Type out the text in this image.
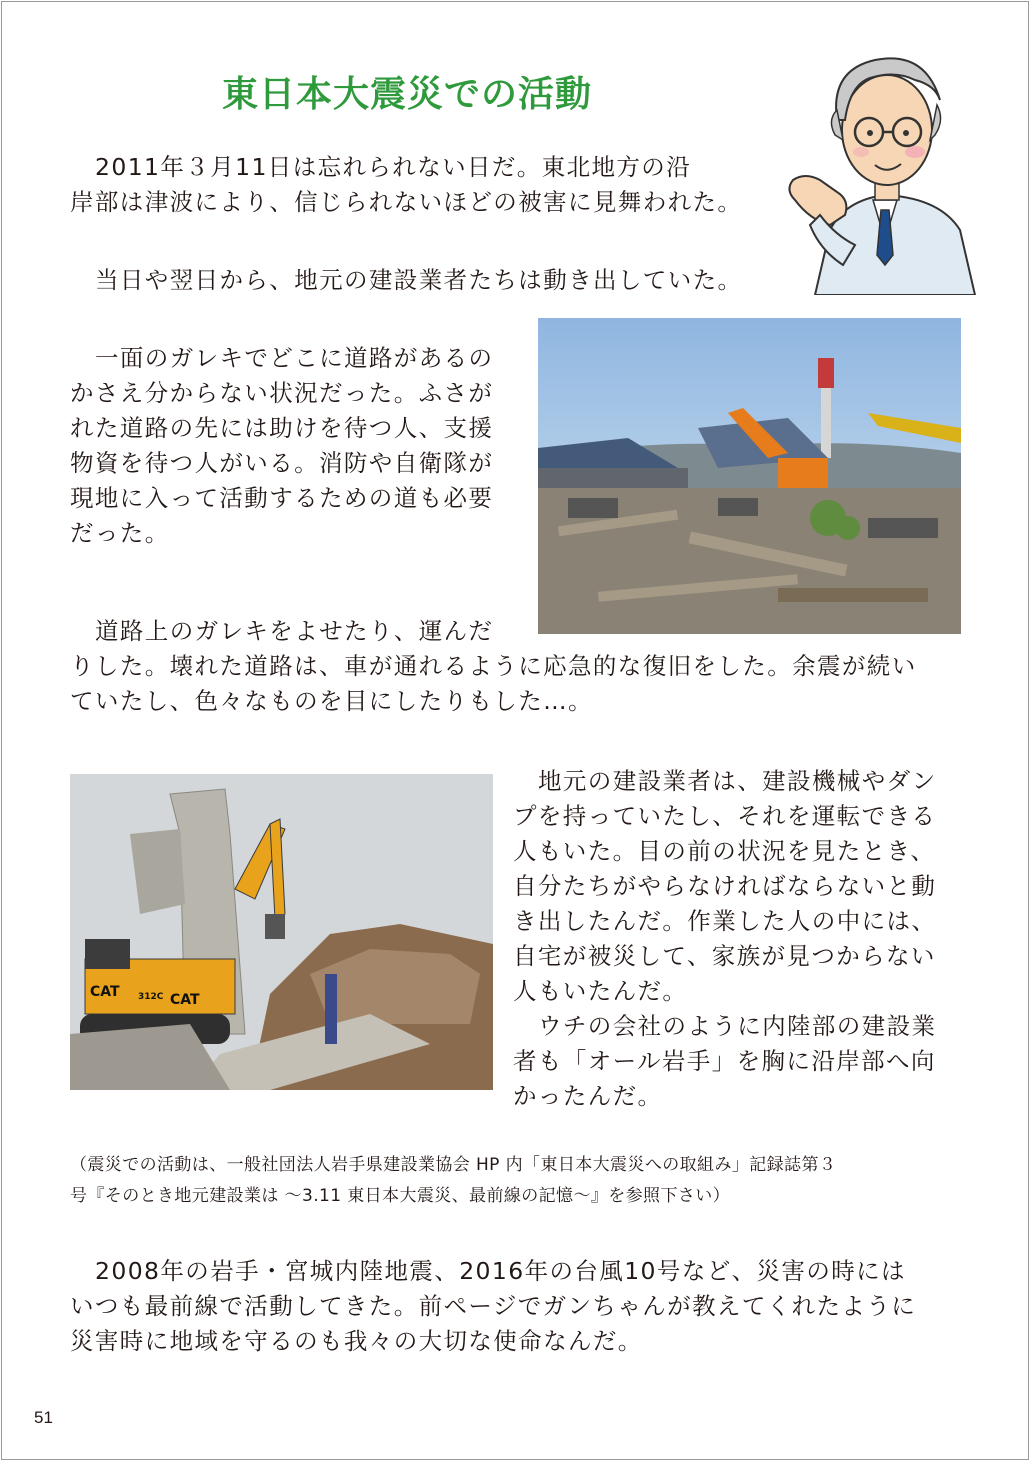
東日本大震災での活動
2011年３月11日は忘れられない日だ。東北地方の沿
岸部は津波により、信じられないほどの被害に見舞われた。
当日や翌日から、地元の建設業者たちは動き出していた。
一面のガレキでどこに道路があるの
かさえ分からない状況だった。ふさが
れた道路の先には助けを待つ人、支援
物資を待つ人がいる。消防や自衛隊が
現地に入って活動するための道も必要
だった。
道路上のガレキをよせたり、運んだ
りした。壊れた道路は、車が通れるように応急的な復旧をした。余震が続い
ていたし、色々なものを目にしたりもした…。
CAT 312C CAT
地元の建設業者は、建設機械やダン
プを持っていたし、それを運転できる
人もいた。目の前の状況を見たとき、
自分たちがやらなければならないと動
き出したんだ。作業した人の中には、
自宅が被災して、家族が見つからない
人もいたんだ。
ウチの会社のように内陸部の建設業
者も「オール岩手」を胸に沿岸部へ向
かったんだ。
（震災での活動は、一般社団法人岩手県建設業協会 HP 内「東日本大震災への取組み」記録誌第３
号『そのとき地元建設業は ～3.11 東日本大震災、最前線の記憶～』を参照下さい）
2008年の岩手・宮城内陸地震、2016年の台風10号など、災害の時には
いつも最前線で活動してきた。前ページでガンちゃんが教えてくれたように
災害時に地域を守るのも我々の大切な使命なんだ。
51
